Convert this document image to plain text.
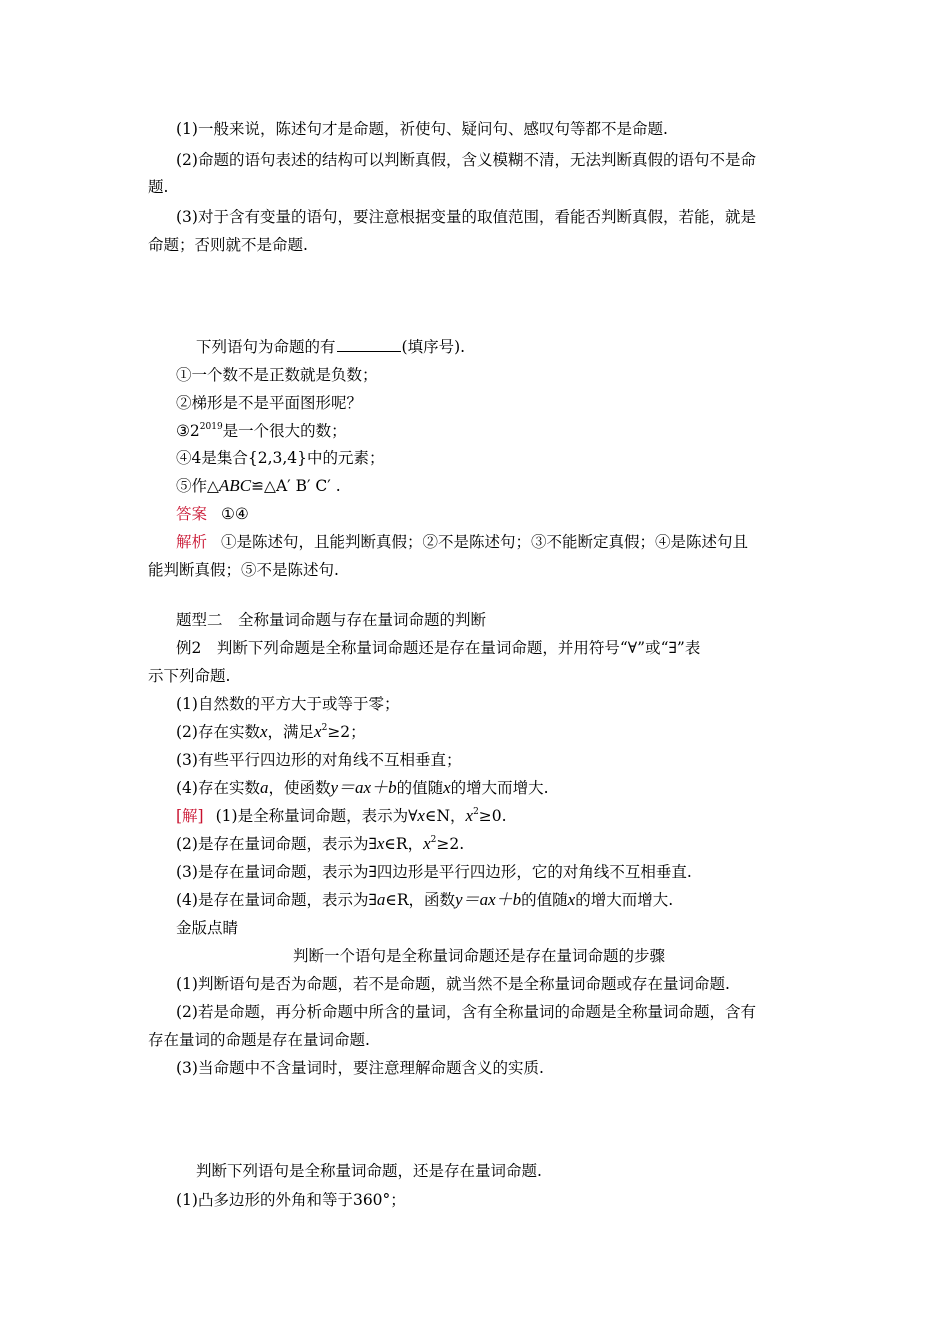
(1)一般来说，陈述句才是命题，祈使句、疑问句、感叹句等都不是命题.
(2)命题的语句表述的结构可以判断真假，含义模糊不清，无法判断真假的语句不是命
题.
(3)对于含有变量的语句，要注意根据变量的取值范围，看能否判断真假，若能，就是
命题；否则就不是命题.
下列语句为命题的有	(填序号).
①一个数不是正数就是负数；
②梯形是不是平面图形呢？
$③2^{2019}$是一个很大的数；
④4是集合{2,3,4}中的元素；
⑤作△ABC≌△A′ B′ C′ .
答案 ①④
解析 ①是陈述句，且能判断真假；②不是陈述句；③不能断定真假；④是陈述句且
能判断真假；⑤不是陈述句.
题型二　全称量词命题与存在量词命题的判断
例2　判断下列命题是全称量词命题还是存在量词命题，并用符号“∀”或“∃”表
示下列命题.
(1)自然数的平方大于或等于零；
(2)存在实数x，满足$x^2\ge 2$；
(3)有些平行四边形的对角线不互相垂直；
(4)存在实数a，使函数y＝ax＋b的值随x的增大而增大.
[解] (1)是全称量词命题，表示为∀x∈N，$x^2\ge 0$.
(2)是存在量词命题，表示为∃x∈R，$x^2\ge 2$.
(3)是存在量词命题，表示为∃四边形是平行四边形，它的对角线不互相垂直.
(4)是存在量词命题，表示为∃a∈R，函数y＝ax＋b的值随x的增大而增大.
金版点睛
判断一个语句是全称量词命题还是存在量词命题的步骤
(1)判断语句是否为命题，若不是命题，就当然不是全称量词命题或存在量词命题.
(2)若是命题，再分析命题中所含的量词，含有全称量词的命题是全称量词命题，含有
存在量词的命题是存在量词命题.
(3)当命题中不含量词时，要注意理解命题含义的实质.
判断下列语句是全称量词命题，还是存在量词命题.
(1)凸多边形的外角和等于360°；
